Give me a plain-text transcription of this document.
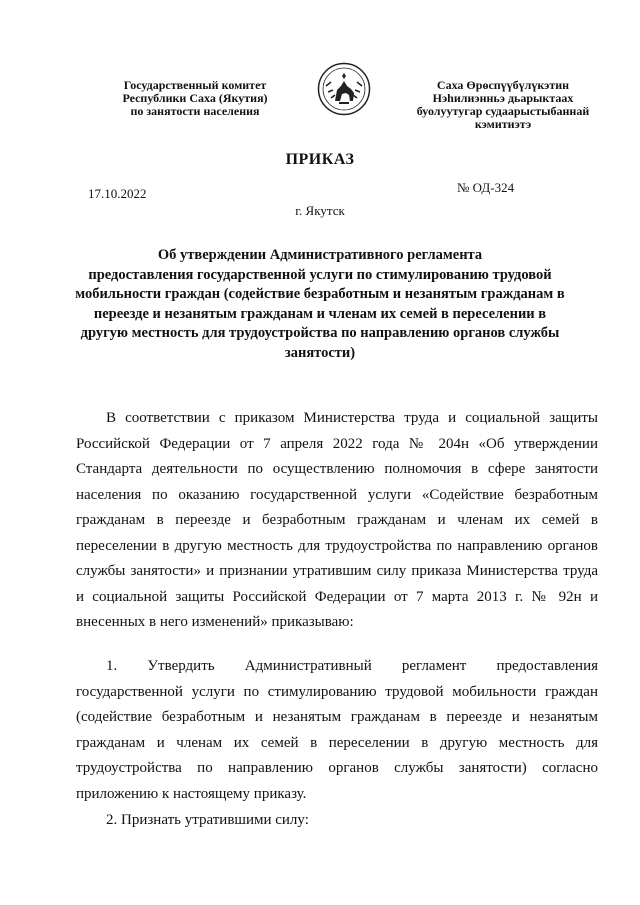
Государственный комитет
Республики Саха (Якутия)
по занятости населения
Саха Өрөспүүбүлүкэтин
Нэһилиэнньэ дьарыктаах
буолуутугар судаарыстыбаннай
кэмитиэтэ
ПРИКАЗ
17.10.2022	№ ОД-324
г. Якутск
Об утверждении Административного регламента
предоставления государственной услуги по стимулированию трудовой
мобильности граждан (содействие безработным и незанятым гражданам в
переезде и незанятым гражданам и членам их семей в переселении в
другую местность для трудоустройства по направлению органов службы
занятости)
В соответствии с приказом Министерства труда и социальной защиты
Российской Федерации от 7 апреля 2022 года № 204н «Об утверждении
Стандарта деятельности по осуществлению полномочия в сфере занятости
населения по оказанию государственной услуги «Содействие безработным
гражданам в переезде и безработным гражданам и членам их семей в
переселении в другую местность для трудоустройства по направлению органов
службы занятости» и признании утратившим силу приказа Министерства труда
и социальной защиты Российской Федерации от 7 марта 2013 г. № 92н и
внесенных в него изменений» приказываю:
1. Утвердить Административный регламент предоставления
государственной услуги по стимулированию трудовой мобильности граждан
(содействие безработным и незанятым гражданам в переезде и незанятым
гражданам и членам их семей в переселении в другую местность для
трудоустройства по направлению органов службы занятости) согласно
приложению к настоящему приказу.
2. Признать утратившими силу:
